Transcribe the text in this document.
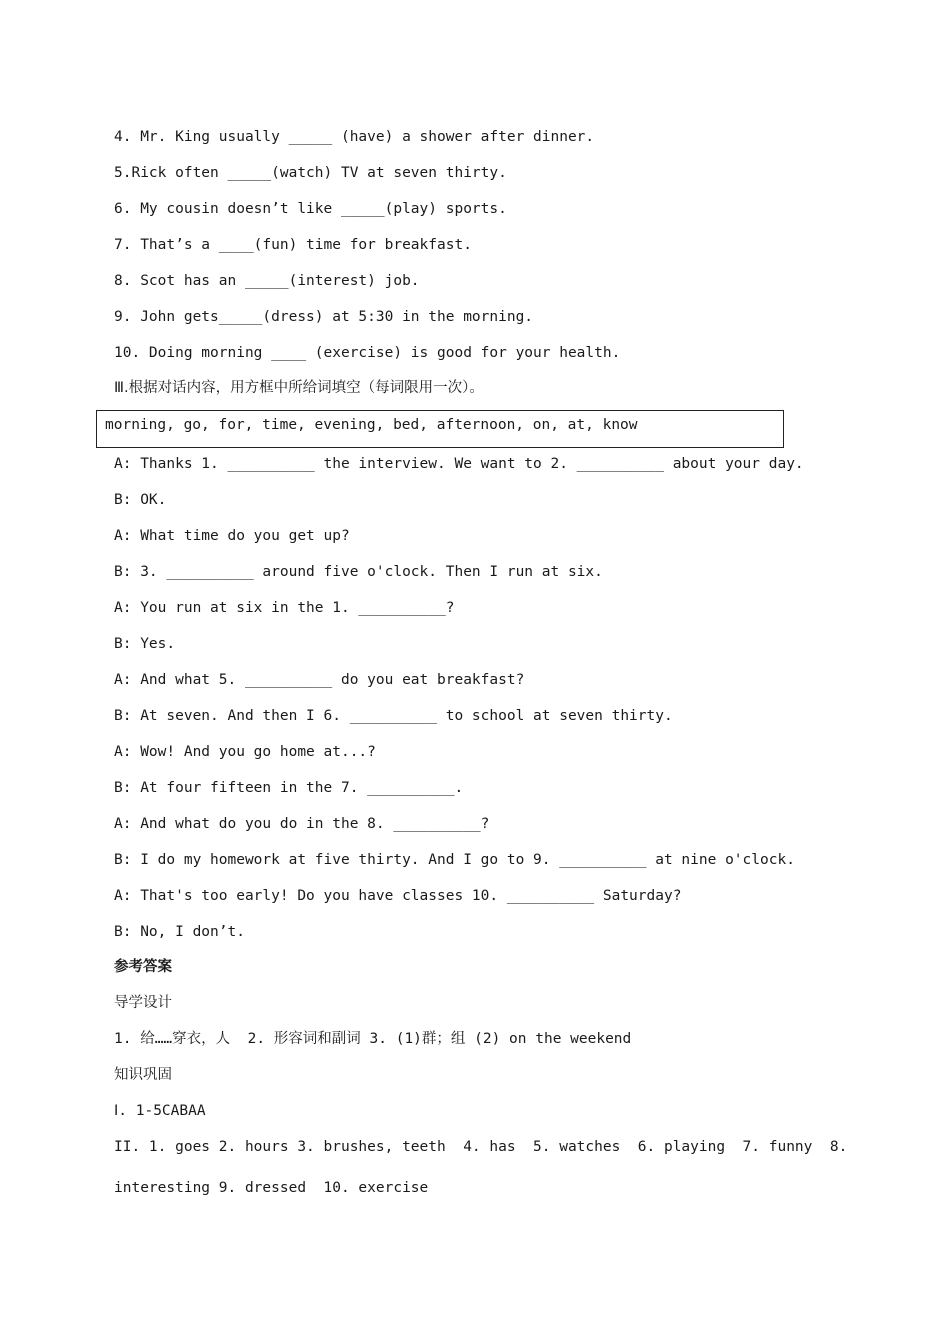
4. Mr. King usually _____ (have) a shower after dinner.
5.Rick often _____(watch) TV at seven thirty.
6. My cousin doesn’t like _____(play) sports.
7. That’s a ____(fun) time for breakfast.
8. Scot has an _____(interest) job.
9. John gets_____(dress) at 5:30 in the morning.
10. Doing morning ____ (exercise) is good for your health.
Ⅲ.根据对话内容，用方框中所给词填空（每词限用一次）。
morning, go, for, time, evening, bed, afternoon, on, at, know
A: Thanks 1. __________ the interview. We want to 2. __________ about your day.
B: OK.
A: What time do you get up?
B: 3. __________ around five o'clock. Then I run at six.
A: You run at six in the 1. __________?
B: Yes.
A: And what 5. __________ do you eat breakfast?
B: At seven. And then I 6. __________ to school at seven thirty.
A: Wow! And you go home at...?
B: At four fifteen in the 7. __________.
A: And what do you do in the 8. __________?
B: I do my homework at five thirty. And I go to 9. __________ at nine o'clock.
A: That's too early! Do you have classes 10. __________ Saturday?
B: No, I don’t.
参考答案
导学设计
1. 给……穿衣，人  2. 形容词和副词 3. (1)群；组 (2) on the weekend
知识巩固
Ⅰ. 1-5CABAA
II. 1. goes 2. hours 3. brushes, teeth  4. has  5. watches  6. playing  7. funny  8.
interesting 9. dressed  10. exercise
